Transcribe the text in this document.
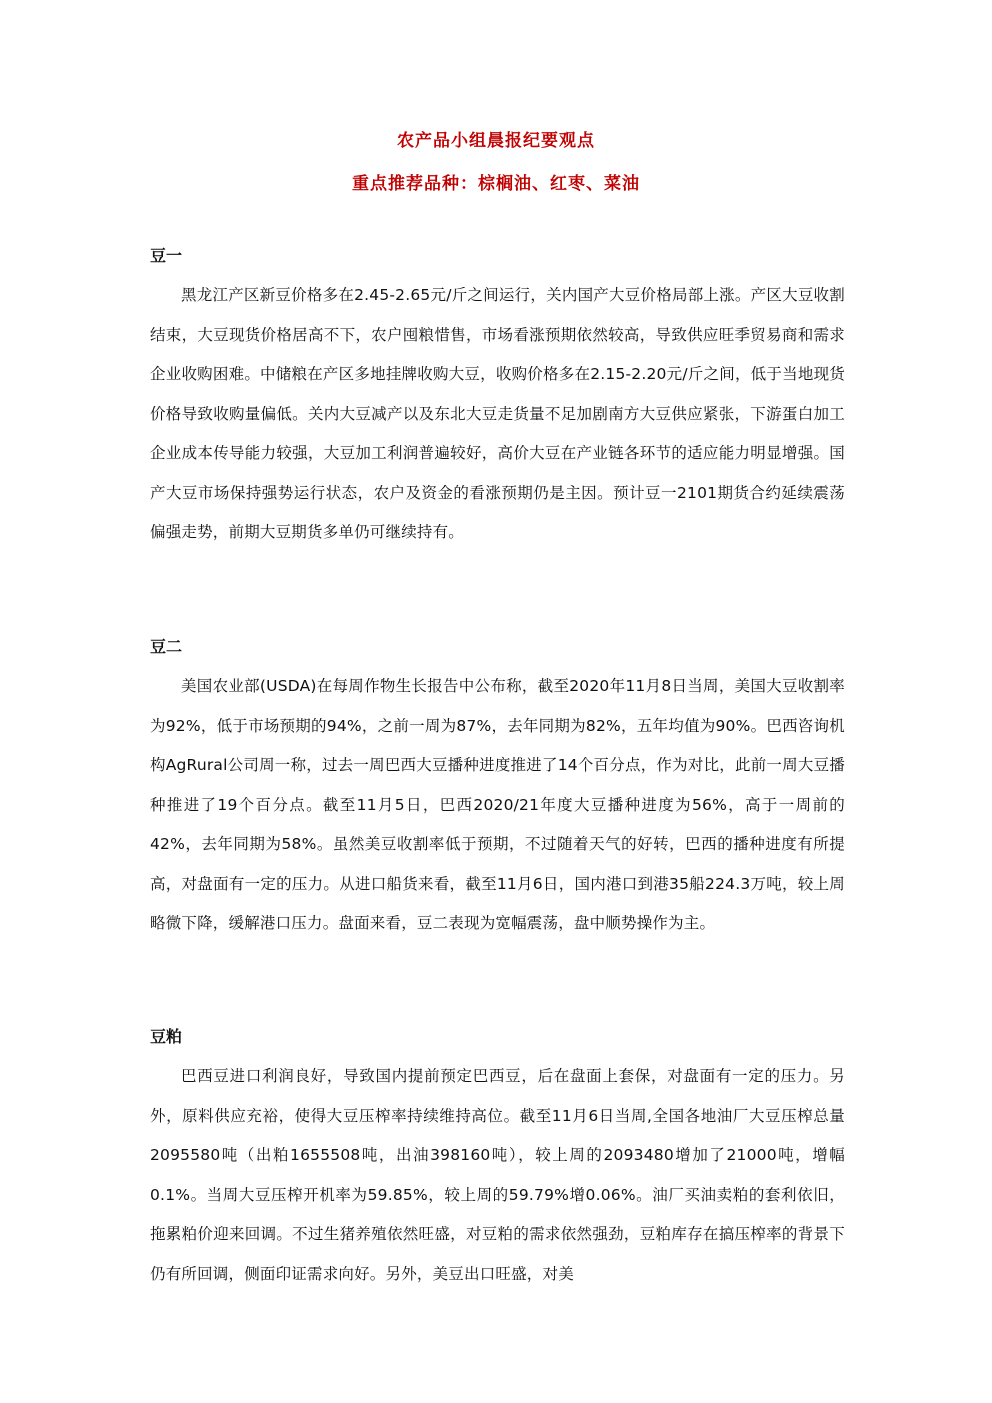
农产品小组晨报纪要观点
重点推荐品种：棕榈油、红枣、菜油
豆一

黑龙江产区新豆价格多在2.45-2.65元/斤之间运行，关内国产大豆价格局部上涨。产区大豆收割结束，大豆现货价格居高不下，农户囤粮惜售，市场看涨预期依然较高，导致供应旺季贸易商和需求企业收购困难。中储粮在产区多地挂牌收购大豆，收购价格多在2.15-2.20元/斤之间，低于当地现货价格导致收购量偏低。关内大豆减产以及东北大豆走货量不足加剧南方大豆供应紧张，下游蛋白加工企业成本传导能力较强，大豆加工利润普遍较好，高价大豆在产业链各环节的适应能力明显增强。国产大豆市场保持强势运行状态，农户及资金的看涨预期仍是主因。预计豆一2101期货合约延续震荡偏强走势，前期大豆期货多单仍可继续持有。

豆二

美国农业部(USDA)在每周作物生长报告中公布称，截至2020年11月8日当周，美国大豆收割率为92%，低于市场预期的94%，之前一周为87%，去年同期为82%，五年均值为90%。巴西咨询机构AgRural公司周一称，过去一周巴西大豆播种进度推进了14个百分点，作为对比，此前一周大豆播种推进了19个百分点。截至11月5日，巴西2020/21年度大豆播种进度为56%，高于一周前的42%，去年同期为58%。虽然美豆收割率低于预期，不过随着天气的好转，巴西的播种进度有所提高，对盘面有一定的压力。从进口船货来看，截至11月6日，国内港口到港35船224.3万吨，较上周略微下降，缓解港口压力。盘面来看，豆二表现为宽幅震荡，盘中顺势操作为主。

豆粕

巴西豆进口利润良好，导致国内提前预定巴西豆，后在盘面上套保，对盘面有一定的压力。另外，原料供应充裕，使得大豆压榨率持续维持高位。截至11月6日当周,全国各地油厂大豆压榨总量2095580吨（出粕1655508吨，出油398160吨），较上周的2093480增加了21000吨，增幅0.1%。当周大豆压榨开机率为59.85%，较上周的59.79%增0.06%。油厂买油卖粕的套利依旧，拖累粕价迎来回调。不过生猪养殖依然旺盛，对豆粕的需求依然强劲，豆粕库存在搞压榨率的背景下仍有所回调，侧面印证需求向好。另外，美豆出口旺盛，对美
